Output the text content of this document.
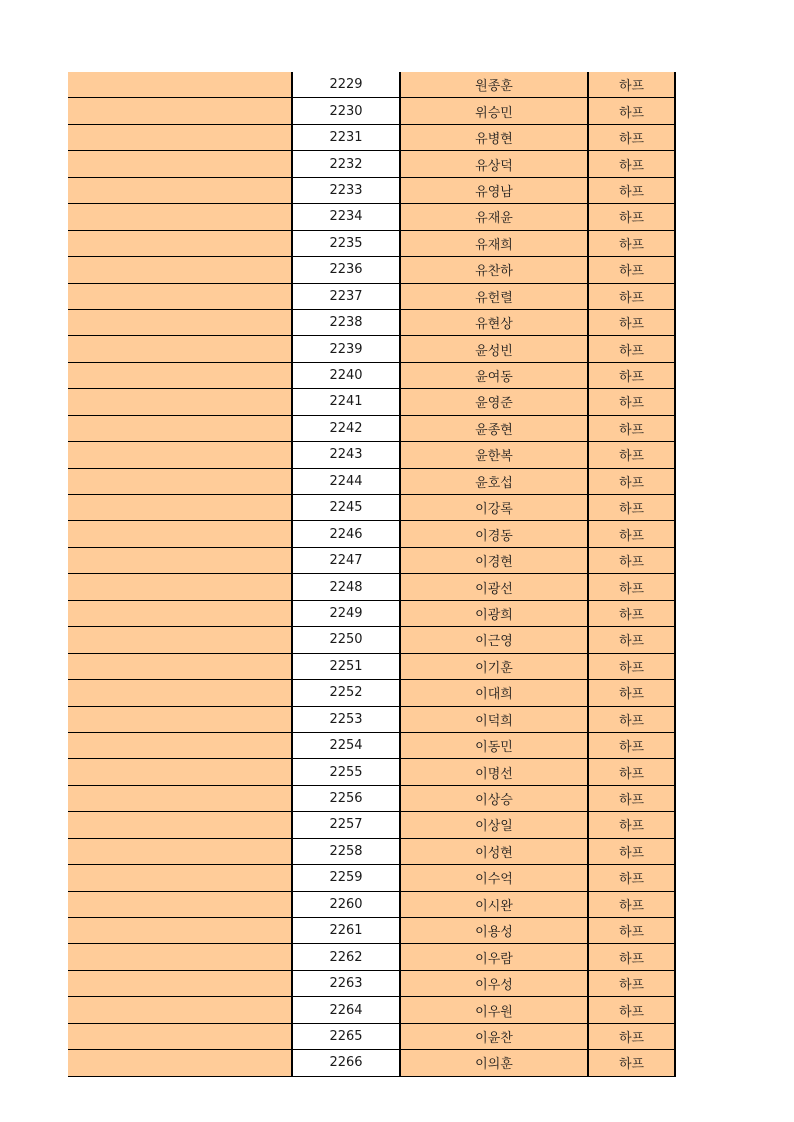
	2229	원종훈	하프
	2230	위승민	하프
	2231	유병현	하프
	2232	유상덕	하프
	2233	유영남	하프
	2234	유재윤	하프
	2235	유재희	하프
	2236	유찬하	하프
	2237	유헌렬	하프
	2238	유현상	하프
	2239	윤성빈	하프
	2240	윤여동	하프
	2241	윤영준	하프
	2242	윤종현	하프
	2243	윤한복	하프
	2244	윤호섭	하프
	2245	이강록	하프
	2246	이경동	하프
	2247	이경현	하프
	2248	이광선	하프
	2249	이광희	하프
	2250	이근영	하프
	2251	이기훈	하프
	2252	이대희	하프
	2253	이덕희	하프
	2254	이동민	하프
	2255	이명선	하프
	2256	이상승	하프
	2257	이상일	하프
	2258	이성현	하프
	2259	이수억	하프
	2260	이시완	하프
	2261	이용성	하프
	2262	이우람	하프
	2263	이우성	하프
	2264	이우원	하프
	2265	이윤찬	하프
	2266	이의훈	하프
